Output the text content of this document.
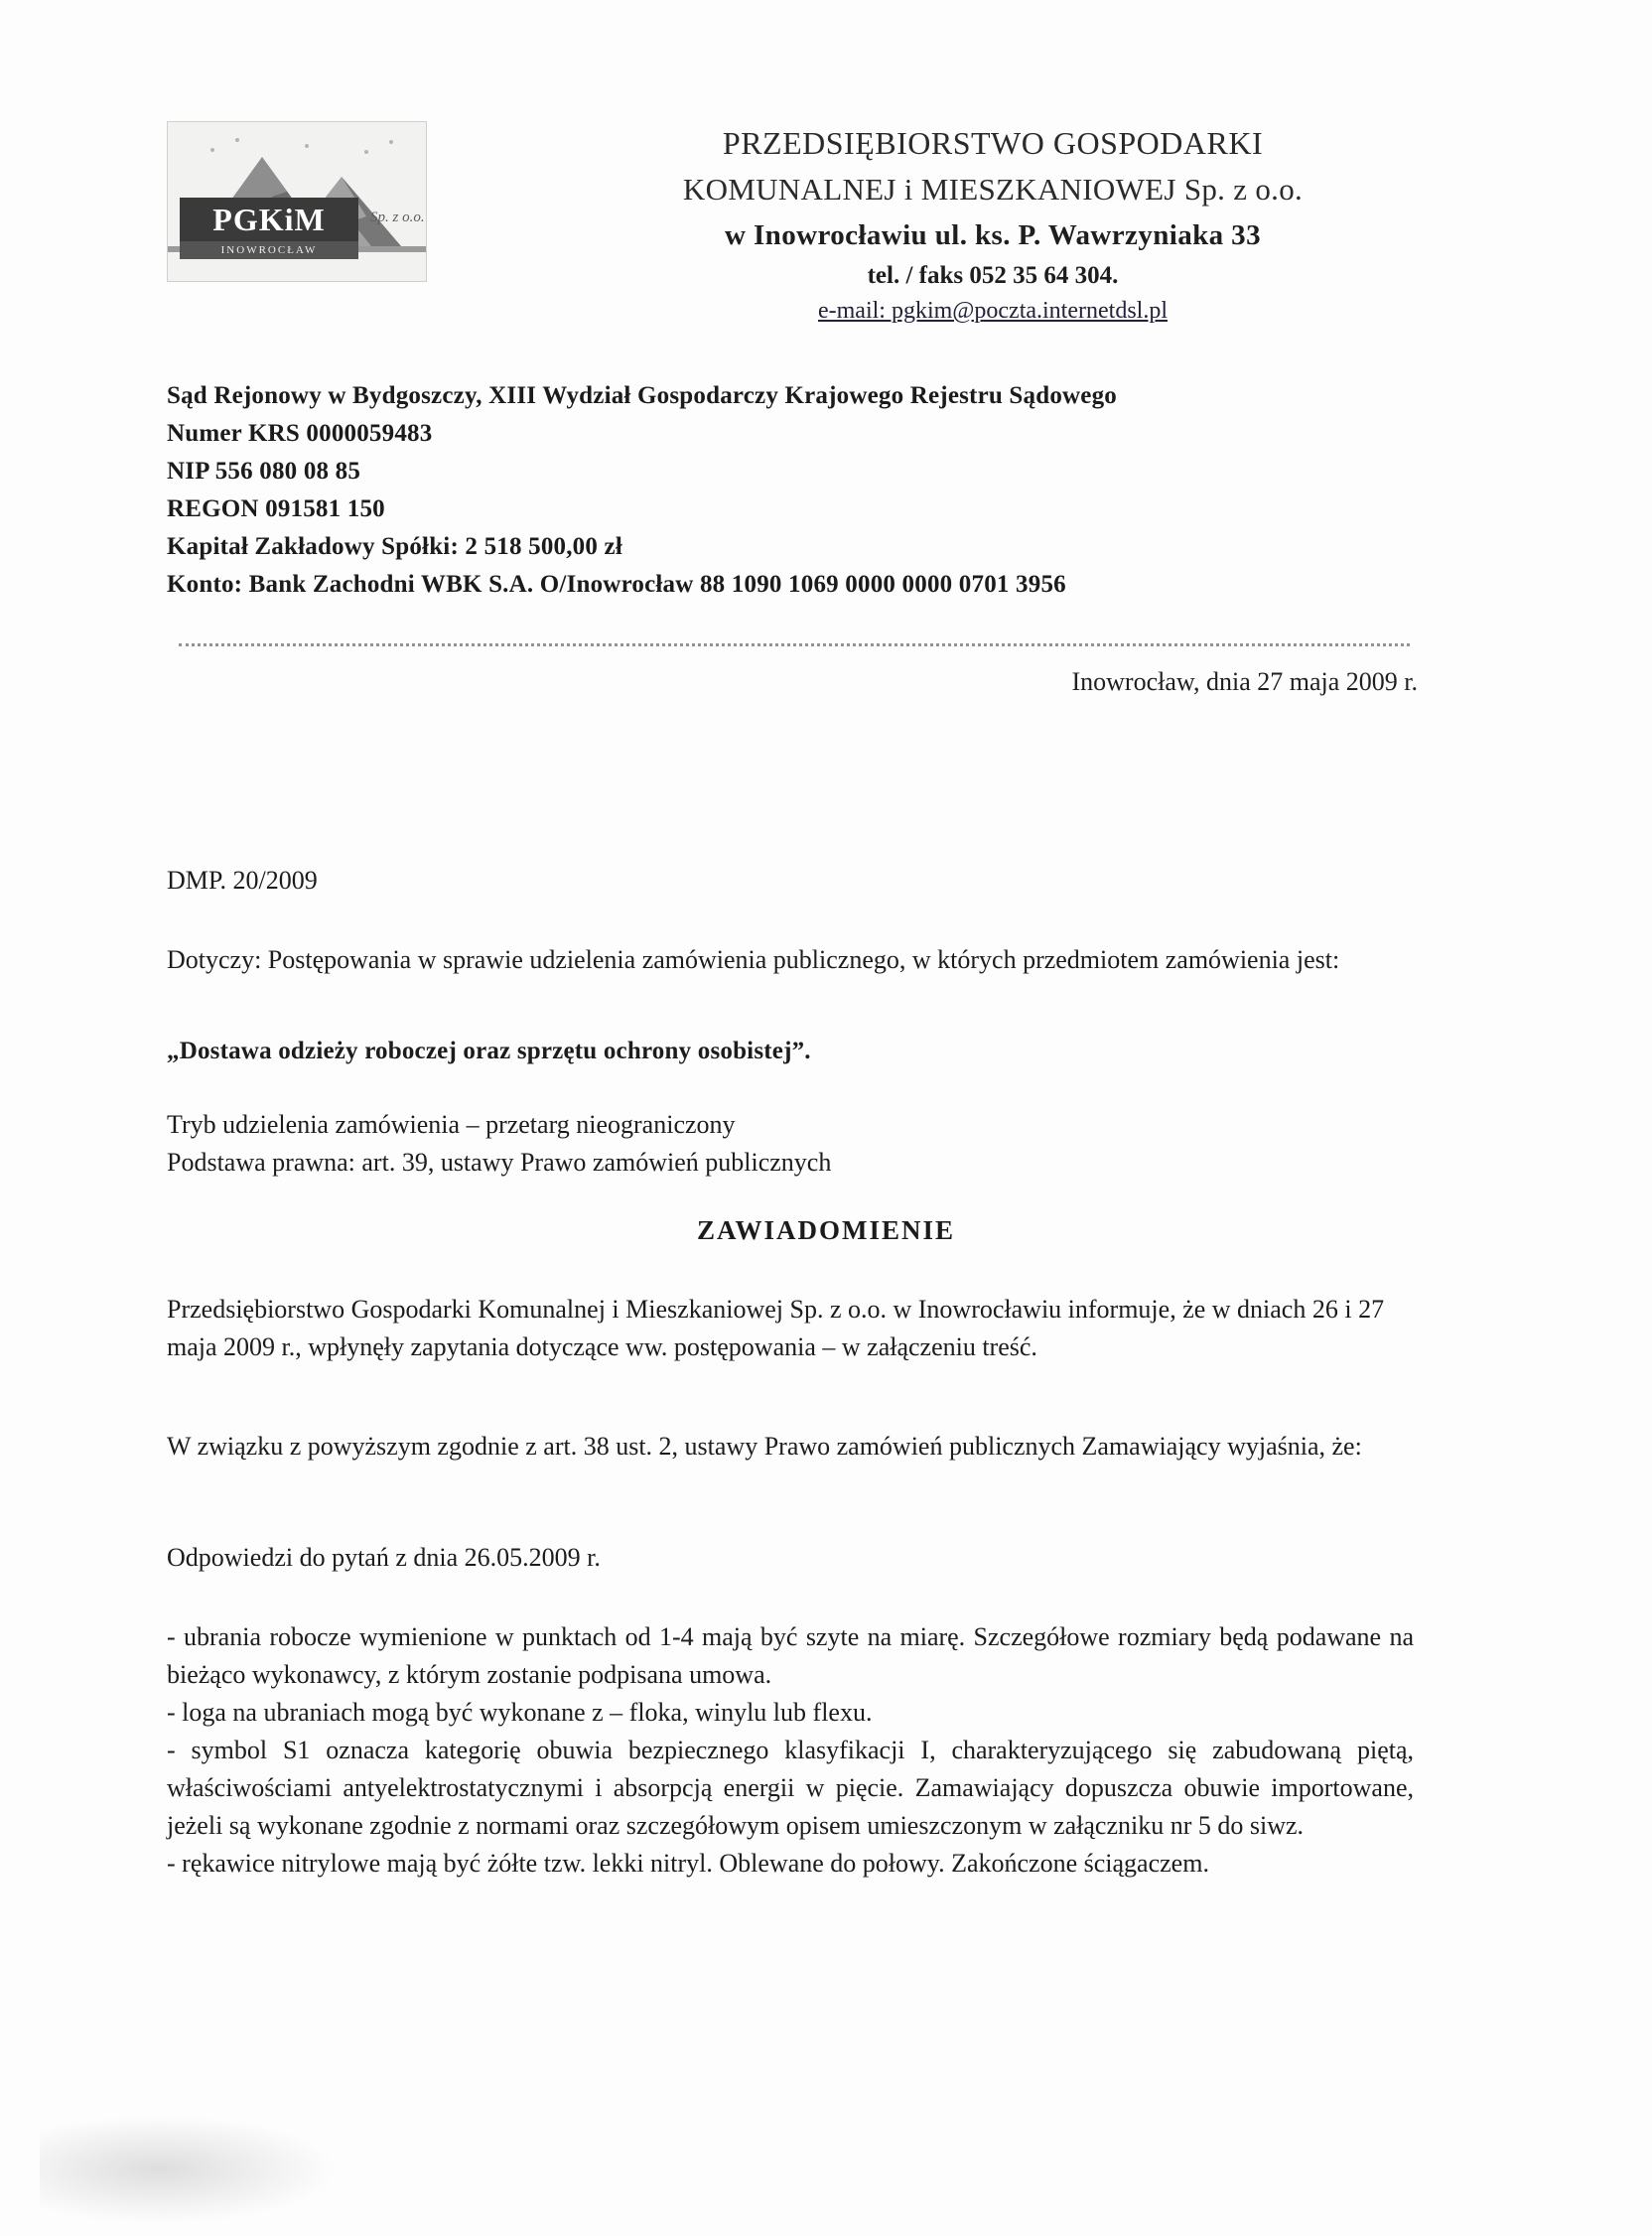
PGKiM
INOWROCŁAW
Sp. z o.o.
PRZEDSIĘBIORSTWO GOSPODARKI
KOMUNALNEJ i MIESZKANIOWEJ Sp. z o.o.
w Inowrocławiu ul. ks. P. Wawrzyniaka 33
tel. / faks 052 35 64 304.
e-mail: pgkim@poczta.internetdsl.pl
Sąd Rejonowy w Bydgoszczy, XIII Wydział Gospodarczy Krajowego Rejestru Sądowego
Numer KRS 0000059483
NIP 556 080 08 85
REGON 091581 150
Kapitał Zakładowy Spółki: 2 518 500,00 zł
Konto: Bank Zachodni WBK S.A. O/Inowrocław 88 1090 1069 0000 0000 0701 3956
Inowrocław, dnia 27 maja 2009 r.
DMP. 20/2009
Dotyczy: Postępowania w sprawie udzielenia zamówienia publicznego, w których przedmiotem zamówienia jest:
„Dostawa odzieży roboczej oraz sprzętu ochrony osobistej”.
Tryb udzielenia zamówienia – przetarg nieograniczony
Podstawa prawna: art. 39, ustawy Prawo zamówień publicznych
ZAWIADOMIENIE
Przedsiębiorstwo Gospodarki Komunalnej i Mieszkaniowej Sp. z o.o. w Inowrocławiu informuje, że w dniach 26 i 27 maja 2009 r., wpłynęły zapytania dotyczące ww. postępowania – w załączeniu treść.
W związku z powyższym zgodnie z art. 38 ust. 2, ustawy Prawo zamówień publicznych Zamawiający wyjaśnia, że:
Odpowiedzi do pytań z dnia 26.05.2009 r.

- ubrania robocze wymienione w punktach od 1-4 mają być szyte na miarę. Szczegółowe rozmiary będą podawane na bieżąco wykonawcy, z którym zostanie podpisana umowa.

- loga na ubraniach mogą być wykonane z – floka, winylu lub flexu.

- symbol S1 oznacza kategorię obuwia bezpiecznego klasyfikacji I, charakteryzującego się zabudowaną piętą, właściwościami antyelektrostatycznymi i absorpcją energii w pięcie. Zamawiający dopuszcza obuwie importowane, jeżeli są wykonane zgodnie z normami oraz szczegółowym opisem umieszczonym w załączniku nr 5 do siwz.

- rękawice nitrylowe mają być żółte tzw. lekki nitryl. Oblewane do połowy. Zakończone ściągaczem.
